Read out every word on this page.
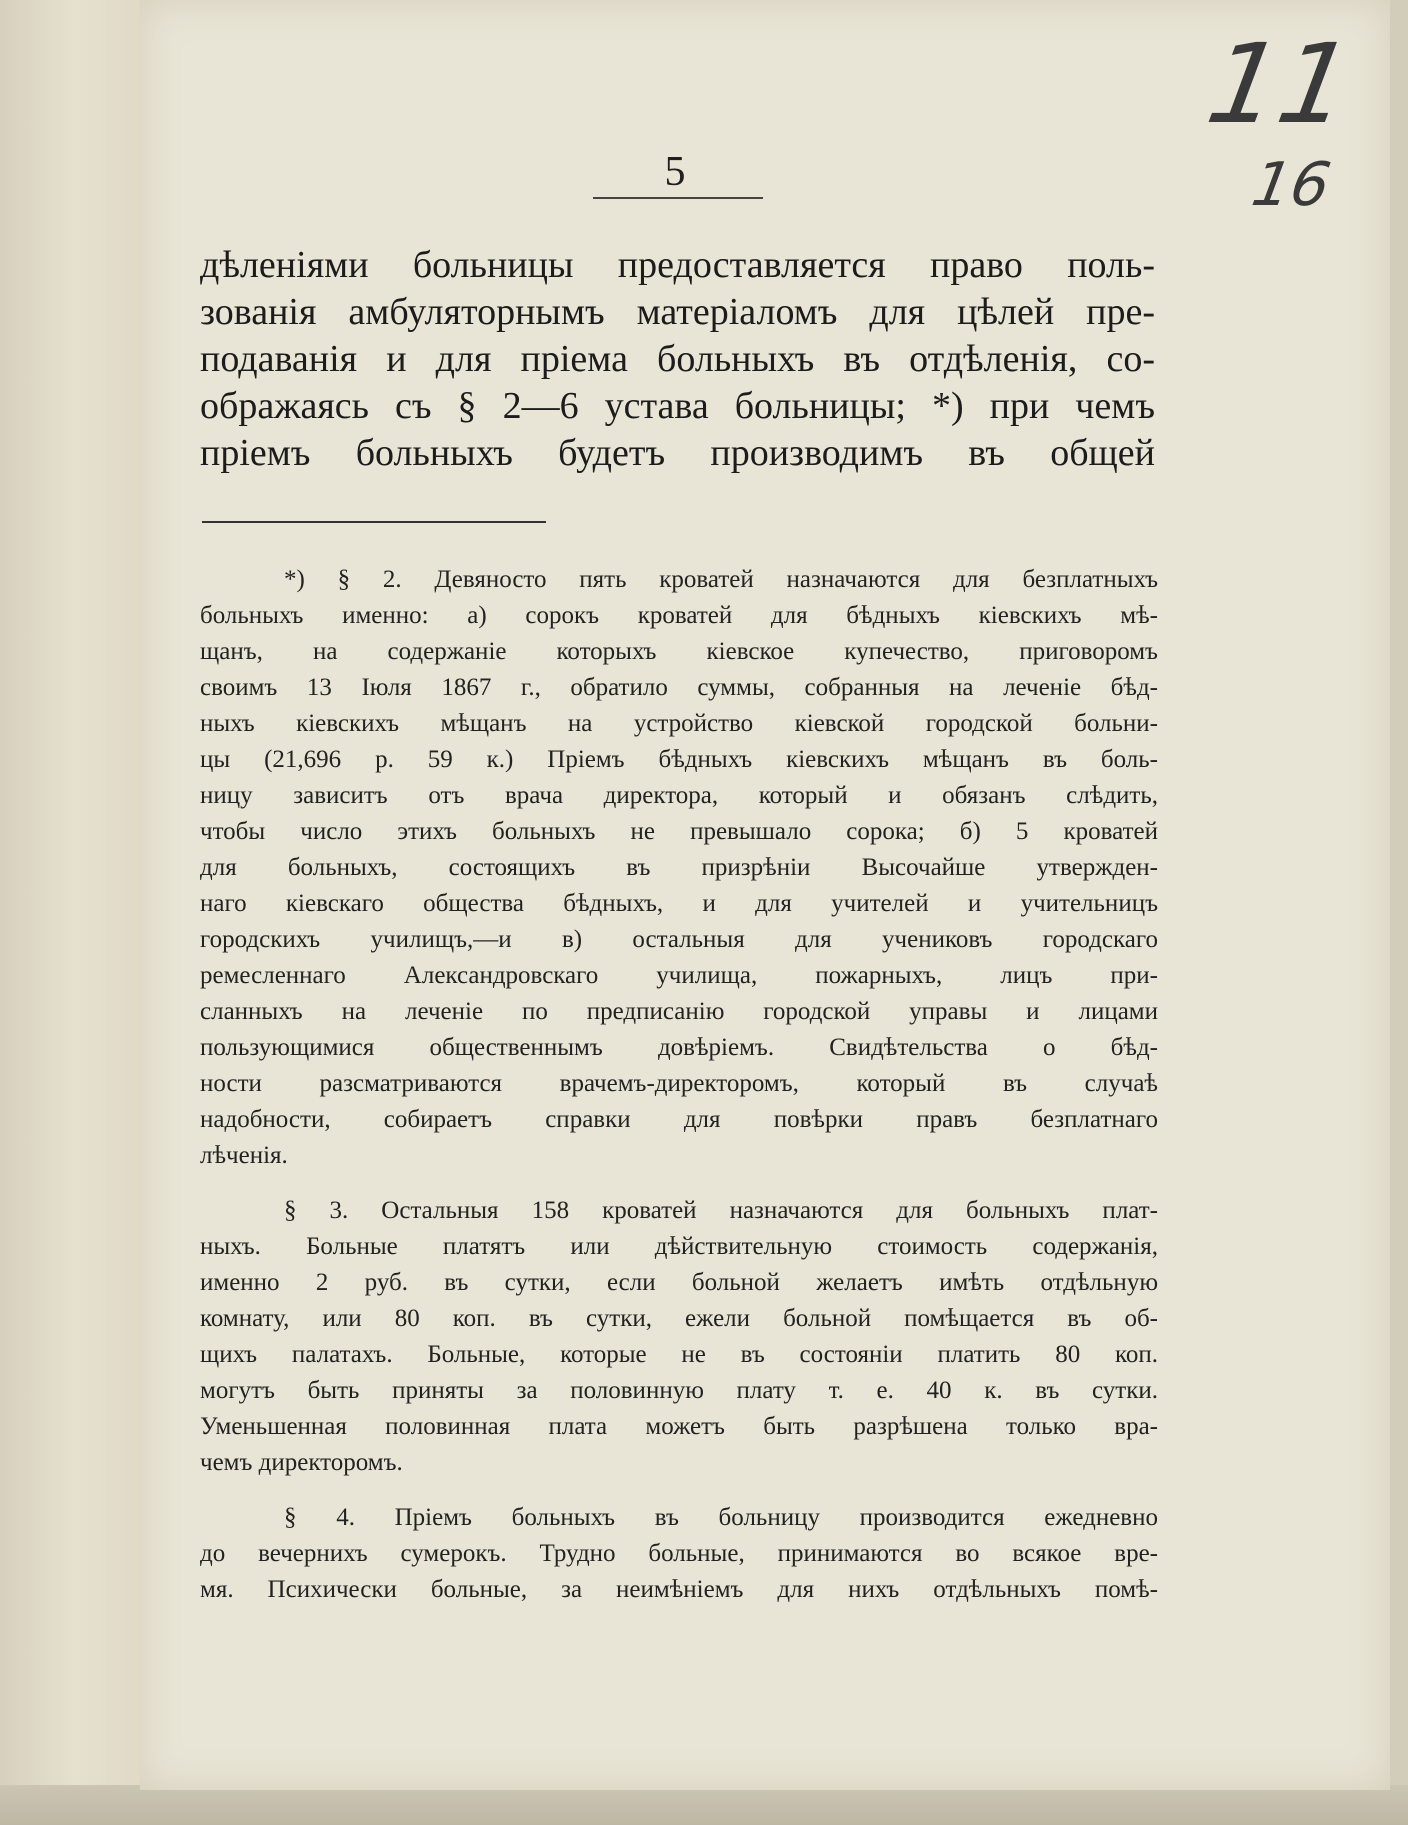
11
16
5
дѣленіями больницы предоставляется право поль-
зованія амбуляторнымъ матеріаломъ для цѣлей пре-
подаванія и для пріема больныхъ въ отдѣленія, со-
ображаясь съ § 2—6 устава больницы; *) при чемъ
пріемъ больныхъ будетъ производимъ въ общей
*) § 2. Девяносто пять кроватей назначаются для безплатныхъ
больныхъ именно: а) сорокъ кроватей для бѣдныхъ кіевскихъ мѣ-
щанъ, на содержаніе которыхъ кіевское купечество, приговоромъ
своимъ 13 Іюля 1867 г., обратило суммы, собранныя на леченіе бѣд-
ныхъ кіевскихъ мѣщанъ на устройство кіевской городской больни-
цы (21,696 р. 59 к.) Пріемъ бѣдныхъ кіевскихъ мѣщанъ въ боль-
ницу зависитъ отъ врача директора, который и обязанъ слѣдить,
чтобы число этихъ больныхъ не превышало сорока; б) 5 кроватей
для больныхъ, состоящихъ въ призрѣніи Высочайше утвержден-
наго кіевскаго общества бѣдныхъ, и для учителей и учительницъ
городскихъ училищъ,—и в) остальныя для учениковъ городскаго
ремесленнаго Александровскаго училища, пожарныхъ, лицъ при-
сланныхъ на леченіе по предписанію городской управы и лицами
пользующимися общественнымъ довѣріемъ. Свидѣтельства о бѣд-
ности разсматриваются врачемъ-директоромъ, который въ случаѣ
надобности, собираетъ справки для повѣрки правъ безплатнаго
лѣченія.
§ 3. Остальныя 158 кроватей назначаются для больныхъ плат-
ныхъ. Больные платятъ или дѣйствительную стоимость содержанія,
именно 2 руб. въ сутки, если больной желаетъ имѣть отдѣльную
комнату, или 80 коп. въ сутки, ежели больной помѣщается въ об-
щихъ палатахъ. Больные, которые не въ состояніи платить 80 коп.
могутъ быть приняты за половинную плату т. е. 40 к. въ сутки.
Уменьшенная половинная плата можетъ быть разрѣшена только вра-
чемъ директоромъ.
§ 4. Пріемъ больныхъ въ больницу производится ежедневно
до вечернихъ сумерокъ. Трудно больные, принимаются во всякое вре-
мя. Психически больные, за неимѣніемъ для нихъ отдѣльныхъ помѣ-
